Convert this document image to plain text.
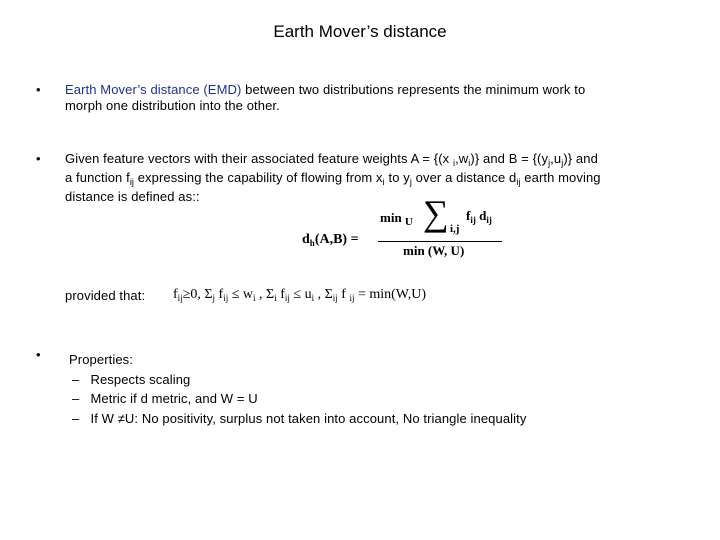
Earth Mover’s distance
• Earth Mover’s distance (EMD) between two distributions represents the minimum work to
morph one distribution into the other.
• Given feature vectors with their associated feature weights A = {(x $_i,w_i$)} and $B = \{(y_j,u_j)\}$ and
a function $f_{ij}$ expressing the capability of flowing from $x_i$ to $y_j$ over a distance $d_{ij}$ earth moving
distance is defined as::
$d_h(A,B)$ =
min $_U$ ∑ i,j
$f_{ij}$ $d_{ij}$
min (W, U)
provided that: $f_{ij}\ge 0$, $\Sigma_j$ $f_{ij} \le w_i$ , $\Sigma_i$ $f_{ij} \le u_i$ , $\Sigma_{ij}$ f $_{ij}$ = min(W,U)
• Properties:
– Respects scaling
– Metric if d metric, and W = U
– If W ≠U: No positivity, surplus not taken into account, No triangle inequality
